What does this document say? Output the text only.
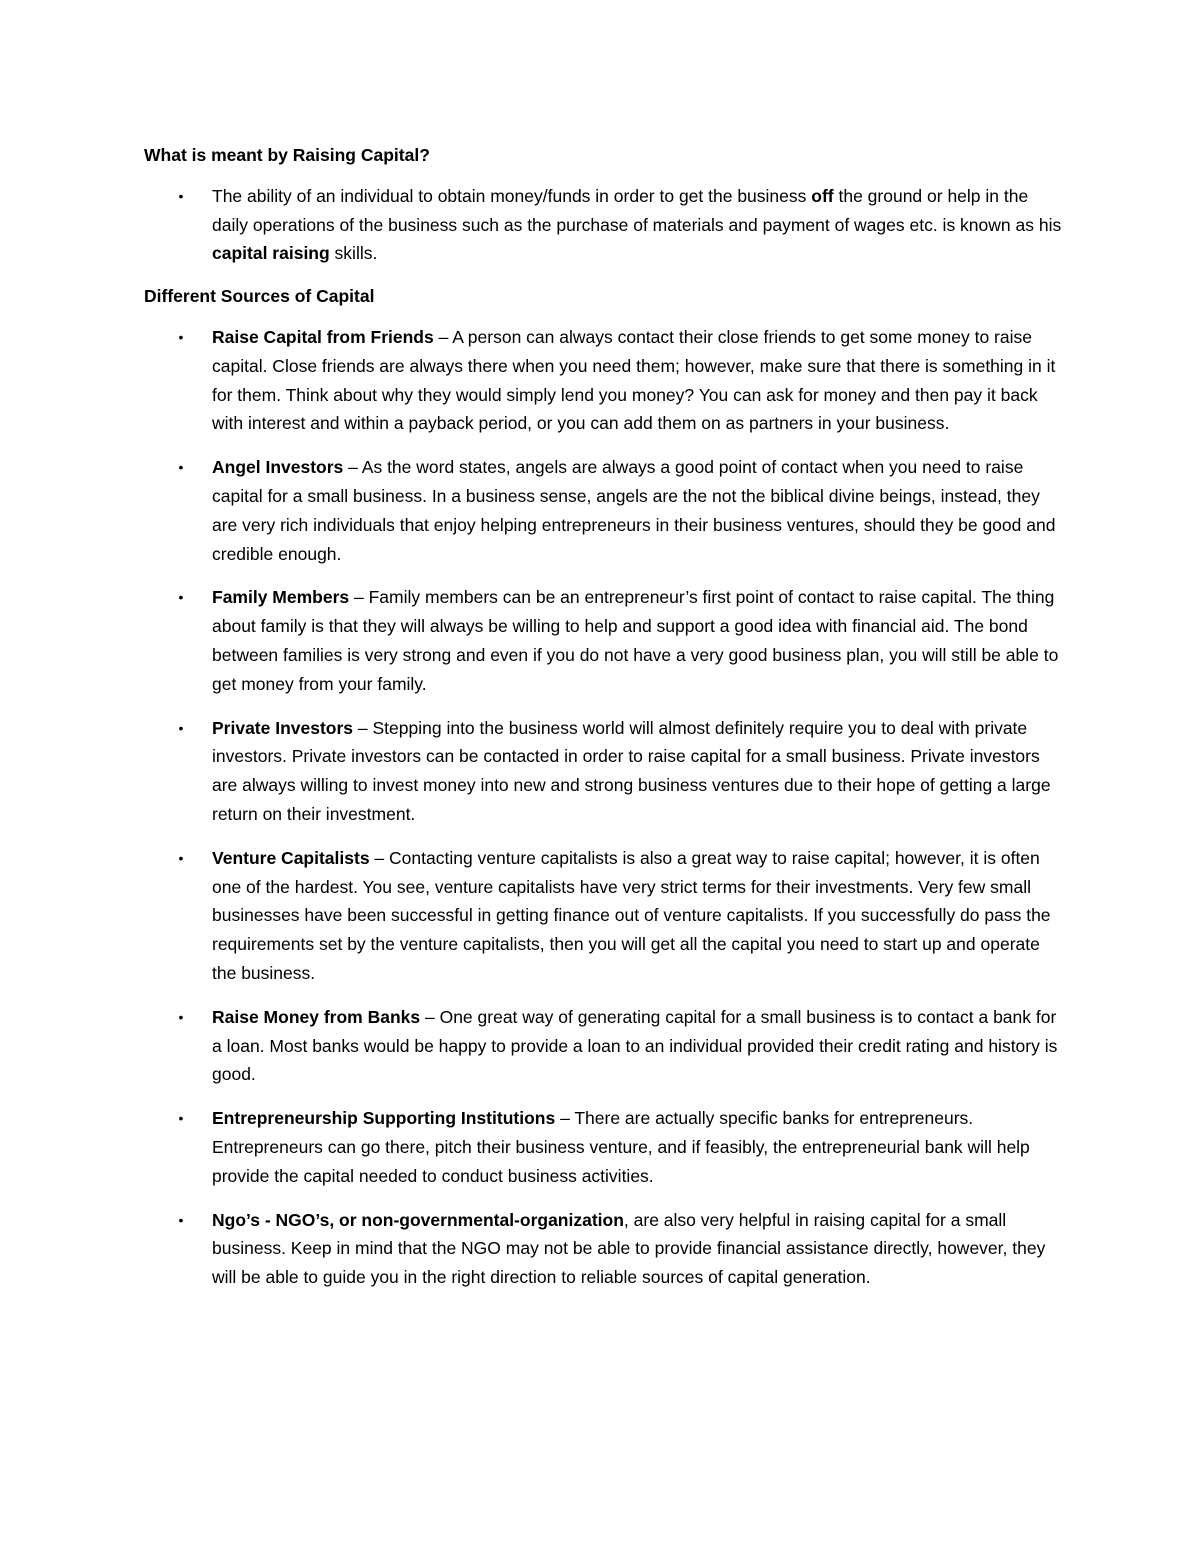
What is meant by Raising Capital?

• The ability of an individual to obtain money/funds in order to get the business off the ground or help in the daily operations of the business such as the purchase of materials and payment of wages etc. is known as his capital raising skills.

Different Sources of Capital

• Raise Capital from Friends – A person can always contact their close friends to get some money to raise capital. Close friends are always there when you need them; however, make sure that there is something in it for them. Think about why they would simply lend you money? You can ask for money and then pay it back with interest and within a payback period, or you can add them on as partners in your business.
• Angel Investors – As the word states, angels are always a good point of contact when you need to raise capital for a small business. In a business sense, angels are the not the biblical divine beings, instead, they are very rich individuals that enjoy helping entrepreneurs in their business ventures, should they be good and credible enough.
• Family Members – Family members can be an entrepreneur’s first point of contact to raise capital. The thing about family is that they will always be willing to help and support a good idea with financial aid. The bond between families is very strong and even if you do not have a very good business plan, you will still be able to get money from your family.
• Private Investors – Stepping into the business world will almost definitely require you to deal with private investors. Private investors can be contacted in order to raise capital for a small business. Private investors are always willing to invest money into new and strong business ventures due to their hope of getting a large return on their investment.
• Venture Capitalists – Contacting venture capitalists is also a great way to raise capital; however, it is often one of the hardest. You see, venture capitalists have very strict terms for their investments. Very few small businesses have been successful in getting finance out of venture capitalists. If you successfully do pass the requirements set by the venture capitalists, then you will get all the capital you need to start up and operate the business.
• Raise Money from Banks – One great way of generating capital for a small business is to contact a bank for a loan. Most banks would be happy to provide a loan to an individual provided their credit rating and history is good.
• Entrepreneurship Supporting Institutions – There are actually specific banks for entrepreneurs. Entrepreneurs can go there, pitch their business venture, and if feasibly, the entrepreneurial bank will help provide the capital needed to conduct business activities.
• Ngo’s - NGO’s, or non-governmental-organization, are also very helpful in raising capital for a small business. Keep in mind that the NGO may not be able to provide financial assistance directly, however, they will be able to guide you in the right direction to reliable sources of capital generation.
